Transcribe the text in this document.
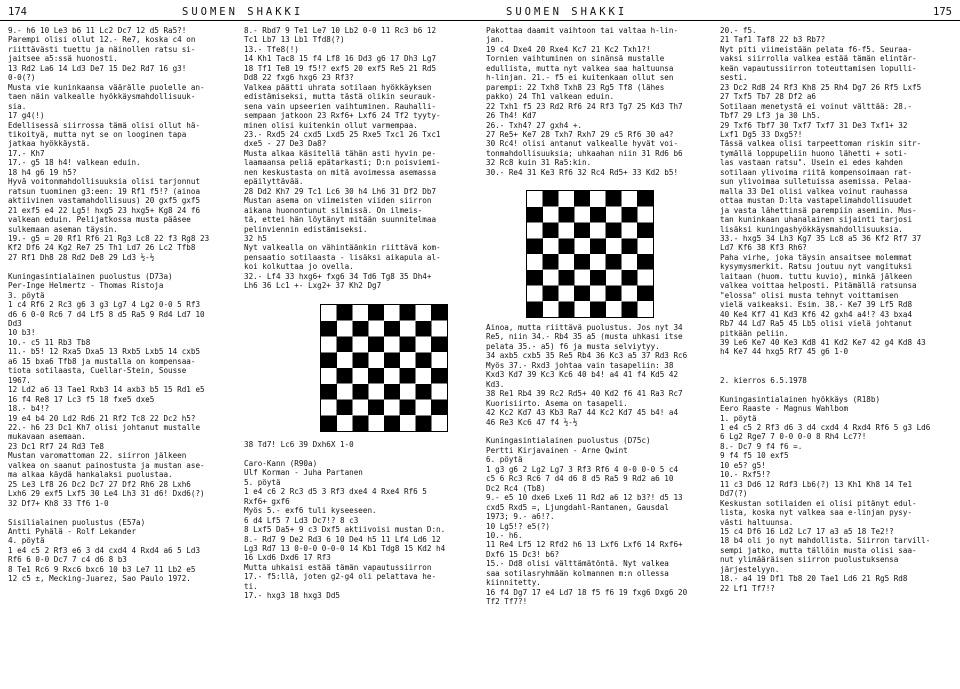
174	SUOMEN SHAKKI
9.- h6 10 Le3 b6 11 Lc2 Dc7 12 d5 Ra5?!
Parempi olisi ollut 12.- Re7, koska c4 on
riittävästi tuettu ja näinollen ratsu si-
jaitsee a5:ssä huonosti.
13 Rd2 La6 14 Ld3 De7 15 De2 Rd7 16 g3!
0-0(?)
Musta vie kuninkaansa väärälle puolelle an-
taen näin valkealle hyökkäysmahdollisuuk-
sia.
17 g4(!)
Edellisessä siirrossa tämä olisi ollut hä-
tikoityä, mutta nyt se on looginen tapa
jatkaa hyökkäystä.
17.- Kh7
17.- g5 18 h4! valkean eduin.
18 h4 g6 19 h5?
Hyvä voitonmahdollisuuksia olisi tarjonnut
ratsun tuominen g3:een: 19 Rf1 f5!? (ainoa
aktiivinen vastamahdollisuus) 20 gxf5 gxf5
21 exf5 e4 22 Lg5! hxg5 23 hxg5+ Kg8 24 f6
valkean eduin. Pelijatkossa musta pääsee
sulkemaan aseman täysin.
19.- g5 = 20 Rf1 Rf6 21 Rg3 Lc8 22 f3 Rg8 23
Kf2 Df6 24 Kg2 Re7 25 Th1 Ld7 26 Lc2 Tfb8
27 Rf1 Dh8 28 Rd2 De8 29 Ld3 ½-½
Kuningasintialainen puolustus (D73a)
Per-Inge Helmertz - Thomas Ristoja
3. pöytä
1 c4 Rf6 2 Rc3 g6 3 g3 Lg7 4 Lg2 0-0 5 Rf3
d6 6 0-0 Rc6 7 d4 Lf5 8 d5 Ra5 9 Rd4 Ld7 10
Dd3
10 b3!
10.- c5 11 Rb3 Tb8
11.- b5! 12 Rxa5 Dxa5 13 Rxb5 Lxb5 14 cxb5
a6 15 bxa6 Tfb8 ja mustalla on kompensaa-
tiota sotilaasta, Cuellar-Stein, Sousse
1967.
12 Ld2 a6 13 Tae1 Rxb3 14 axb3 b5 15 Rd1 e5
16 f4 Re8 17 Lc3 f5 18 fxe5 dxe5
18.- b4!?
19 e4 b4 20 Ld2 Rd6 21 Rf2 Tc8 22 Dc2 h5?
22.- h6 23 Dc1 Kh7 olisi johtanut mustalle
mukavaan asemaan.
23 Dc1 Rf7 24 Rd3 Te8
Mustan varomattoman 22. siirron jälkeen
valkea on saanut painostusta ja mustan ase-
ma alkaa käydä hankalaksi puolustaa.
25 Le3 Lf8 26 Dc2 Dc7 27 Df2 Rh6 28 Lxh6
Lxh6 29 exf5 Lxf5 30 Le4 Lh3 31 d6! Dxd6(?)
32 Df7+ Kh8 33 Tf6 1-0
Sisilialainen puolustus (E57a)
Antti Pyhälä - Rolf Lekander
4. pöytä
1 e4 c5 2 Rf3 e6 3 d4 cxd4 4 Rxd4 a6 5 Ld3
Rf6 6 0-0 Dc7 7 c4 d6 8 b3
8 Te1 Rc6 9 Rxc6 bxc6 10 b3 Le7 11 Lb2 e5
12 c5 ±, Mecking-Juarez, Sao Paulo 1972.
8.- Rbd7 9 Te1 Le7 10 Lb2 0-0 11 Rc3 b6 12
Tc1 Lb7 13 Lb1 Tfd8(?)
13.- Tfe8(!)
14 Kh1 Tac8 15 f4 Lf8 16 Dd3 g6 17 Dh3 Lg7
18 Tf1 Te8 19 f5!? exf5 20 exf5 Re5 21 Rd5
Dd8 22 fxg6 hxg6 23 Rf3?
Valkea päätti uhrata sotilaan hyökkäyksen
edistämiseksi, mutta tästä olikin seurauk-
sena vain upseerien vaihtuminen. Rauhalli-
sempaan jatkoon 23 Rxf6+ Lxf6 24 Tf2 tyyty-
minen olisi kuitenkin ollut varmempaa.
23.- Rxd5 24 cxd5 Lxd5 25 Rxe5 Txc1 26 Txc1
dxe5 - 27 De3 Da8?
Musta alkaa käsitellä tähän asti hyvin pe-
laamaansa peliä epätarkasti; D:n poisviemi-
nen keskustasta on mitä avoimessa asemassa
epäilyttävää.
28 Dd2 Kh7 29 Tc1 Lc6 30 h4 Lh6 31 Df2 Db7
Mustan asema on viimeisten viiden siirron
aikana huonontunut silmissä. On ilmeis-
tä, ettei hän löytänyt mitään suunnitelmaa
pelinviennin edistämiseksi.
32 h5
Nyt valkealla on vähintäänkin riittävä kom-
pensaatio sotilaasta - lisäksi aikapula al-
koi kolkuttaa jo ovella.
32.- Lf4 33 hxg6+ fxg6 34 Td6 Tg8 35 Dh4+
Lh6 36 Lc1 +- Lxg2+ 37 Kh2 Dg7
38 Td7! Lc6 39 Dxh6X 1-0
Caro-Kann (R90a)
Ulf Korman - Juha Partanen
5. pöytä
1 e4 c6 2 Rc3 d5 3 Rf3 dxe4 4 Rxe4 Rf6 5
Rxf6+ gxf6
Myös 5.- exf6 tuli kyseeseen.
6 d4 Lf5 7 Ld3 Dc7!? 8 c3
8 Lxf5 Da5+ 9 c3 Dxf5 aktiivoisi mustan D:n.
8.- Rd7 9 De2 Rd3 6 10 De4 h5 11 Lf4 Ld6 12
Lg3 Rd7 13 0-0-0 0-0-0 14 Kb1 Tdg8 15 Kd2 h4
16 Lxd6 Dxd6 17 Rf3
Mutta uhkaisi estää tämän vapautussiirron
17.- f5:llä, joten g2-g4 oli pelattava he-
ti.
17.- hxg3 18 hxg3 Dd5
SUOMEN SHAKKI	175
Pakottaa daamit vaihtoon tai valtaa h-lin-
jan.
19 c4 Dxe4 20 Rxe4 Kc7 21 Kc2 Txh1?!
Tornien vaihtuminen on sinänsä mustalle
edullista, mutta nyt valkea saa haltuunsa
h-linjan. 21.- f5 ei kuitenkaan ollut sen
parempi: 22 Txh8 Txh8 23 Rg5 Tf8 (lähes
pakko) 24 Th1 valkean eduin.
22 Txh1 f5 23 Rd2 Rf6 24 Rf3 Tg7 25 Kd3 Th7
26 Th4! Kd7
26.- Txh4? 27 gxh4 +.
27 Re5+ Ke7 28 Txh7 Rxh7 29 c5 Rf6 30 a4?
30 Rc4! olisi antanut valkealle hyvät voi-
tonmahdollisuuksia; uhkaahan niin 31 Rd6 b6
32 Rc8 kuin 31 Ra5:kin.
30.- Re4 31 Ke3 Rf6 32 Rc4 Rd5+ 33 Kd2 b5!
Ainoa, mutta riittävä puolustus. Jos nyt 34
Re5, niin 34.- Rb4 35 a5 (musta uhkasi itse
pelata 35.- a5) f6 ja musta selviytyy.
34 axb5 cxb5 35 Re5 Rb4 36 Kc3 a5 37 Rd3 Rc6
Myös 37.- Rxd3 johtaa vain tasapeliin: 38
Kxd3 Kd7 39 Kc3 Kc6 40 b4! a4 41 f4 Kd5 42
Kd3.
38 Re1 Rb4 39 Rc2 Rd5+ 40 Kd2 f6 41 Ra3 Rc7
Kuorisiirto. Asema on tasapeli.
42 Kc2 Kd7 43 Kb3 Ra7 44 Kc2 Kd7 45 b4! a4
46 Re3 Kc6 47 f4 ½-½
Kuningasintialainen puolustus (D75c)
Pertti Kirjavainen - Arne Qwint
6. pöytä
1 g3 g6 2 Lg2 Lg7 3 Rf3 Rf6 4 0-0 0-0 5 c4
c5 6 Rc3 Rc6 7 d4 d6 8 d5 Ra5 9 Rd2 a6 10
Dc2 Rc4 (Tb8)
9.- e5 10 dxe6 Lxe6 11 Rd2 a6 12 b3?! d5 13
cxd5 Rxd5 =, Ljungdahl-Rantanen, Gausdal
1973; 9.- a6!?.
10 Lg5!? e5(?)
10.- h6.
11 Re4 Lf5 12 Rfd2 h6 13 Lxf6 Lxf6 14 Rxf6+
Dxf6 15 Dc3! b6?
15.- Dd8 olisi välttämätöntä. Nyt valkea
saa sotilasryhmään kolmannen m:n ollessa
kiinnitetty.
16 f4 Dg7 17 e4 Ld7 18 f5 f6 19 fxg6 Dxg6 20
Tf2 Tf7?!
20.- f5.
21 Taf1 Taf8 22 b3 Rb7?
Nyt piti viimeistään pelata f6-f5. Seuraa-
vaksi siirrolla valkea estää tämän elintär-
keän vapautussiirron toteuttamisen lopulli-
sesti.
23 Dc2 Rd8 24 Rf3 Kh8 25 Rh4 Dg7 26 Rf5 Lxf5
27 Txf5 Tb7 28 Df2 a6
Sotilaan menetystä ei voinut välttää: 28.-
Tbf7 29 Lf3 ja 30 Lh5.
29 Txf6 Tbf7 30 Txf7 Txf7 31 De3 Txf1+ 32
Lxf1 Dg5 33 Dxg5?!
Tässä valkea olisi tarpeettoman riskin sitr-
tymällä loppupeliin huono lähetti + soti-
las vastaan ratsu". Usein ei edes kahden
sotilaan ylivoima riitä kompensoimaan rat-
sun ylivoimaa sulletuissa asemissa. Pelaa-
malla 33 De1 olisi valkea voinut rauhassa
ottaa mustan D:lta vastapelimahdollisuudet
ja vasta lähettinsä parempiin asemiin. Mus-
tan kuninkaan uhanalainen sijainti tarjosi
lisäksi kuningashyökkäysmahdollisuuksia.
33.- hxg5 34 Lh3 Kg7 35 Lc8 a5 36 Kf2 Rf7 37
Ld7 Kf6 38 Kf3 Rh6?
Paha virhe, joka täysin ansaitsee molemmat
kysymysmerkit. Ratsu joutuu nyt vangituksi
laitaan (huom. tuttu kuvio), minkä jälkeen
valkea voittaa helposti. Pitämällä ratsunsa
"elossa" olisi musta tehnyt voittamisen
vielä vaikeaksi. Esim. 38.- Ke7 39 Lf5 Rd8
40 Ke4 Kf7 41 Kd3 Kf6 42 gxh4 a4!? 43 bxa4
Rb7 44 Ld7 Ra5 45 Lb5 olisi vielä johtanut
pitkään peliin.
39 Le6 Ke7 40 Ke3 Kd8 41 Kd2 Ke7 42 g4 Kd8 43
h4 Ke7 44 hxg5 Rf7 45 g6 1-0
2. kierros 6.5.1978
Kuningasintialainen hyökkäys (R18b)
Eero Raaste - Magnus Wahlbom
1. pöytä
1 e4 c5 2 Rf3 d6 3 d4 cxd4 4 Rxd4 Rf6 5 g3 Ld6
6 Lg2 Rge7 7 0-0 0-0 8 Rh4 Lc7?!
8.- Dc7 9 f4 f6 =.
9 f4 f5 10 exf5
10 e5? g5!
10.- Rxf5!?
11 c3 Dd6 12 Rdf3 Lb6(?) 13 Kh1 Kh8 14 Te1
Dd7(?)
Keskustan sotilaiden ei olisi pitänyt edul-
lista, koska nyt valkea saa e-linjan pysy-
västi haltuunsa.
15 c4 Df6 16 Ld2 Lc7 17 a3 a5 18 Te2!?
18 b4 oli jo nyt mahdollista. Siirron tarvill-
sempi jatko, mutta tällöin musta olisi saa-
nut ylimääräisen siirron puolustuksensa
järjestelyyn.
18.- a4 19 Df1 Tb8 20 Tae1 Ld6 21 Rg5 Rd8
22 Lf1 Tf7!?
